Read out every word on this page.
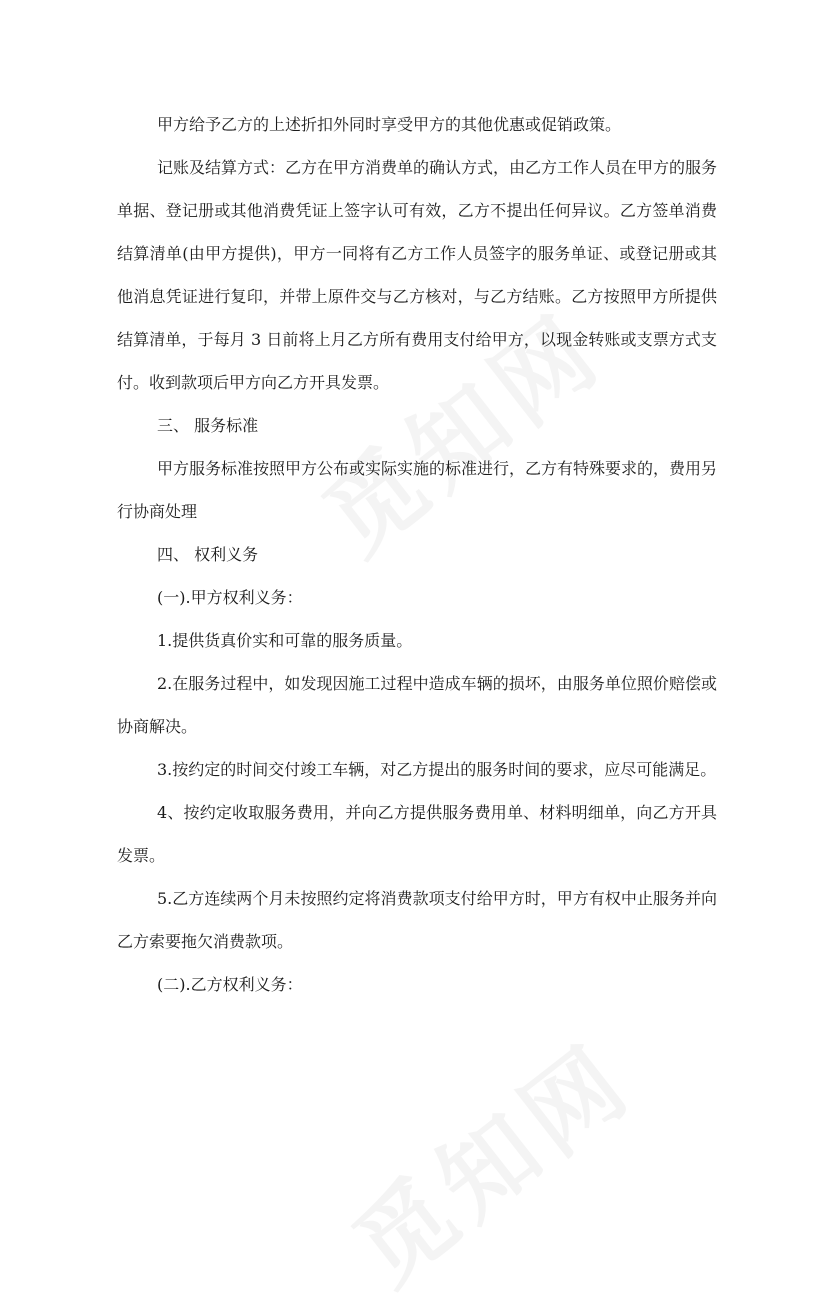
甲方给予乙方的上述折扣外同时享受甲方的其他优惠或促销政策。

记账及结算方式：乙方在甲方消费单的确认方式，由乙方工作人员在甲方的服务单据、登记册或其他消费凭证上签字认可有效，乙方不提出任何异议。乙方签单消费结算清单(由甲方提供)，甲方一同将有乙方工作人员签字的服务单证、或登记册或其他消息凭证进行复印，并带上原件交与乙方核对，与乙方结账。乙方按照甲方所提供结算清单，于每月 3 日前将上月乙方所有费用支付给甲方，以现金转账或支票方式支付。收到款项后甲方向乙方开具发票。

三、 服务标准

甲方服务标准按照甲方公布或实际实施的标准进行，乙方有特殊要求的，费用另行协商处理

四、 权利义务

(一).甲方权利义务：

1.提供货真价实和可靠的服务质量。

2.在服务过程中，如发现因施工过程中造成车辆的损坏，由服务单位照价赔偿或协商解决。

3.按约定的时间交付竣工车辆，对乙方提出的服务时间的要求，应尽可能满足。

4、按约定收取服务费用，并向乙方提供服务费用单、材料明细单，向乙方开具发票。

5.乙方连续两个月未按照约定将消费款项支付给甲方时，甲方有权中止服务并向乙方索要拖欠消费款项。

(二).乙方权利义务：
